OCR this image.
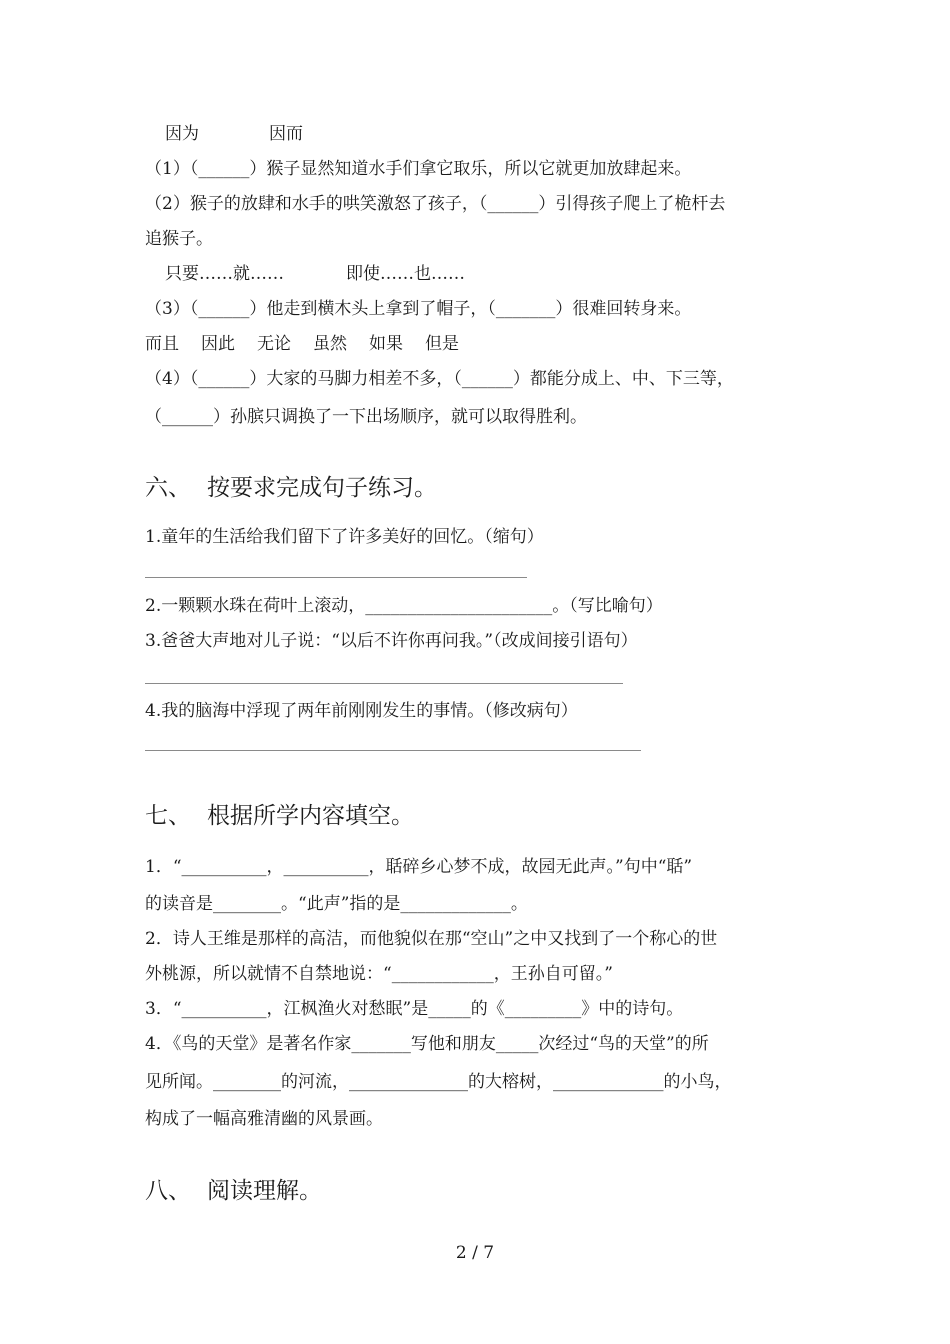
因为	因而
（1）（______）猴子显然知道水手们拿它取乐，所以它就更加放肆起来。
（2）猴子的放肆和水手的哄笑激怒了孩子，（______）引得孩子爬上了桅杆去
追猴子。
只要……就……	即使……也……
（3）（______）他走到横木头上拿到了帽子，（_______）很难回转身来。
而且 因此 无论 虽然 如果 但是
（4）（______）大家的马脚力相差不多，（______）都能分成上、中、下三等，
（______）孙膑只调换了一下出场顺序，就可以取得胜利。
六、 按要求完成句子练习。
1.童年的生活给我们留下了许多美好的回忆。（缩句）
2.一颗颗水珠在荷叶上滚动，______________________。（写比喻句）
3.爸爸大声地对儿子说：“以后不许你再问我。”（改成间接引语句）
4.我的脑海中浮现了两年前刚刚发生的事情。（修改病句）
七、 根据所学内容填空。
1．“__________，__________，聒碎乡心梦不成，故园无此声。”句中“聒”
的读音是________。“此声”指的是_____________。
2．诗人王维是那样的高洁，而他貌似在那“空山”之中又找到了一个称心的世
外桃源，所以就情不自禁地说：“____________，王孙自可留。”
3．“__________，江枫渔火对愁眠”是_____的《_________》中的诗句。
4．《鸟的天堂》是著名作家_______写他和朋友_____次经过“鸟的天堂”的所
见所闻。________的河流，______________的大榕树，_____________的小鸟，
构成了一幅高雅清幽的风景画。
八、 阅读理解。
2 / 7
